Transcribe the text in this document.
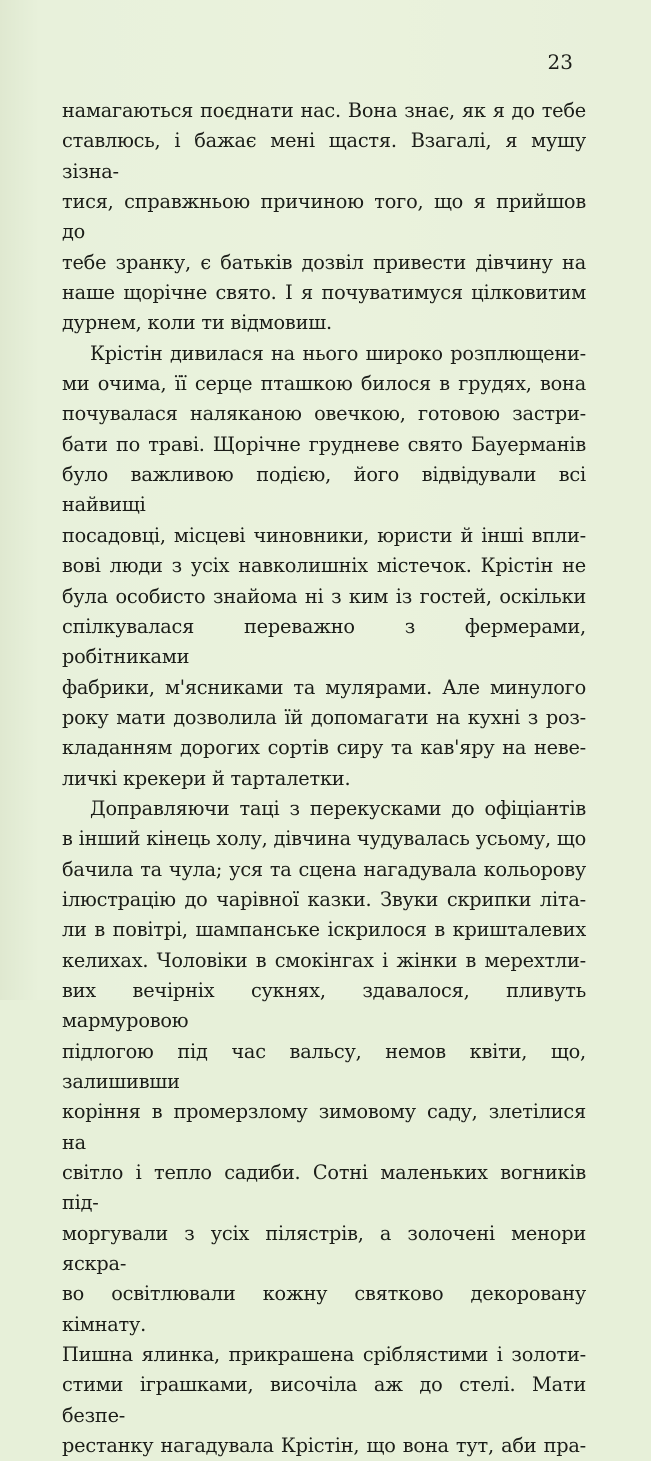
23

намагаються поєднати нас. Вона знає, як я до тебе

ставлюсь, і бажає мені щастя. Взагалі, я мушу зізна-

тися, справжньою причиною того, що я прийшов до

тебе зранку, є батьків дозвіл привести дівчину на

наше щорічне свято. І я почуватимуся цілковитим

дурнем, коли ти відмовиш.

Крістін дивилася на нього широко розплющени-

ми очима, її серце пташкою билося в грудях, вона

почувалася наляканою овечкою, готовою застри-

бати по траві. Щорічне грудневе свято Бауерманів

було важливою подією, його відвідували всі найвищі

посадовці, місцеві чиновники, юристи й інші впли-

вові люди з усіх навколишніх містечок. Крістін не

була особисто знайома ні з ким із гостей, оскільки

спілкувалася переважно з фермерами, робітниками

фабрики, м'ясниками та мулярами. Але минулого

року мати дозволила їй допомагати на кухні з роз-

кладанням дорогих сортів сиру та кав'яру на неве-

личкі крекери й тарталетки.

Доправляючи таці з перекусками до офіціантів

в інший кінець холу, дівчина чудувалась усьому, що

бачила та чула; уся та сцена нагадувала кольорову

ілюстрацію до чарівної казки. Звуки скрипки літа-

ли в повітрі, шампанське іскрилося в кришталевих

келихах. Чоловіки в смокінгах і жінки в мерехтли-

вих вечірніх сукнях, здавалося, пливуть мармуровою

підлогою під час вальсу, немов квіти, що, залишивши

коріння в промерзлому зимовому саду, злетілися на

світло і тепло садиби. Сотні маленьких вогників під-

моргували з усіх пілястрів, а золочені менори яскра-

во освітлювали кожну святково декоровану кімнату.

Пишна ялинка, прикрашена сріблястими і золоти-

стими іграшками, височіла аж до стелі. Мати безпе-

рестанку нагадувала Крістін, що вона тут, аби пра-
